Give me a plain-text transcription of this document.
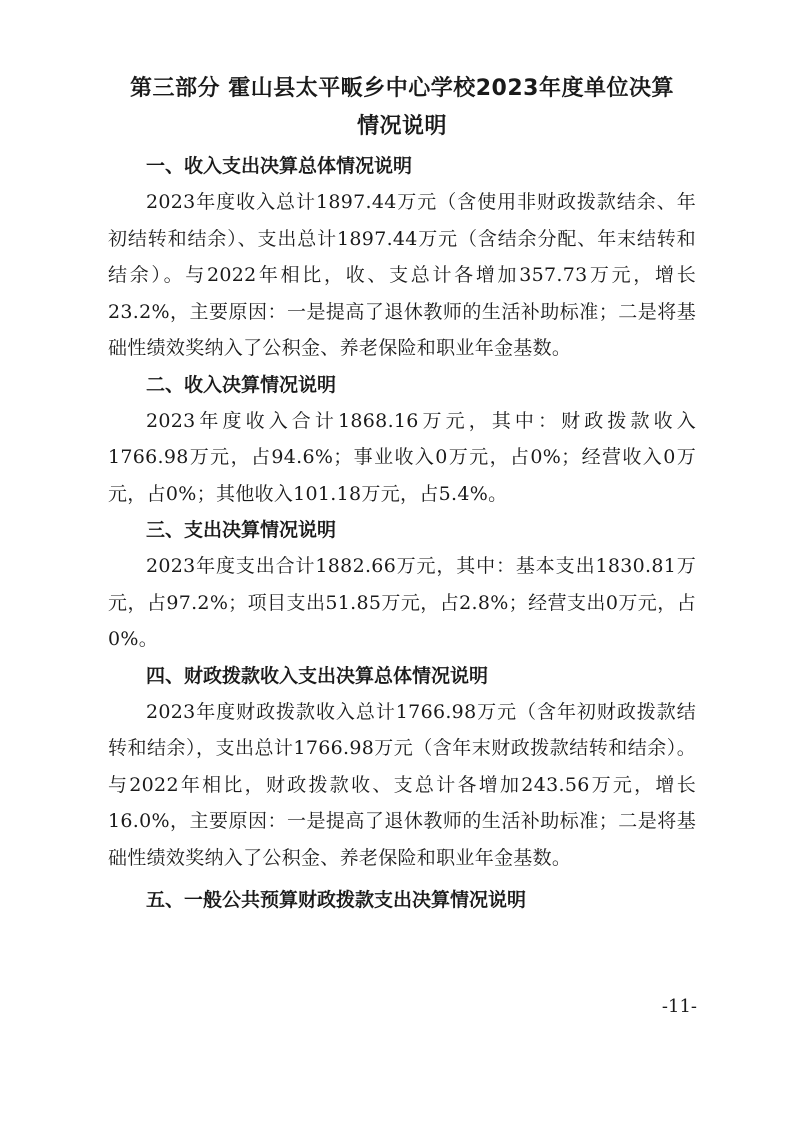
第三部分 霍山县太平畈乡中心学校2023年度单位决算
情况说明

一、收入支出决算总体情况说明

2023年度收入总计1897.44万元（含使用非财政拨款结余、年初结转和结余）、支出总计1897.44万元（含结余分配、年末结转和结余）。与2022年相比，收、支总计各增加357.73万元，增长23.2%，主要原因：一是提高了退休教师的生活补助标准；二是将基础性绩效奖纳入了公积金、养老保险和职业年金基数。

二、收入决算情况说明

2023年度收入合计1868.16万元，其中：财政拨款收入1766.98万元，占94.6%；事业收入0万元，占0%；经营收入0万元，占0%；其他收入101.18万元，占5.4%。

三、支出决算情况说明

2023年度支出合计1882.66万元，其中：基本支出1830.81万元，占97.2%；项目支出51.85万元，占2.8%；经营支出0万元，占0%。

四、财政拨款收入支出决算总体情况说明

2023年度财政拨款收入总计1766.98万元（含年初财政拨款结转和结余），支出总计1766.98万元（含年末财政拨款结转和结余）。与2022年相比，财政拨款收、支总计各增加243.56万元，增长16.0%，主要原因：一是提高了退休教师的生活补助标准；二是将基础性绩效奖纳入了公积金、养老保险和职业年金基数。

五、一般公共预算财政拨款支出决算情况说明

-11-
